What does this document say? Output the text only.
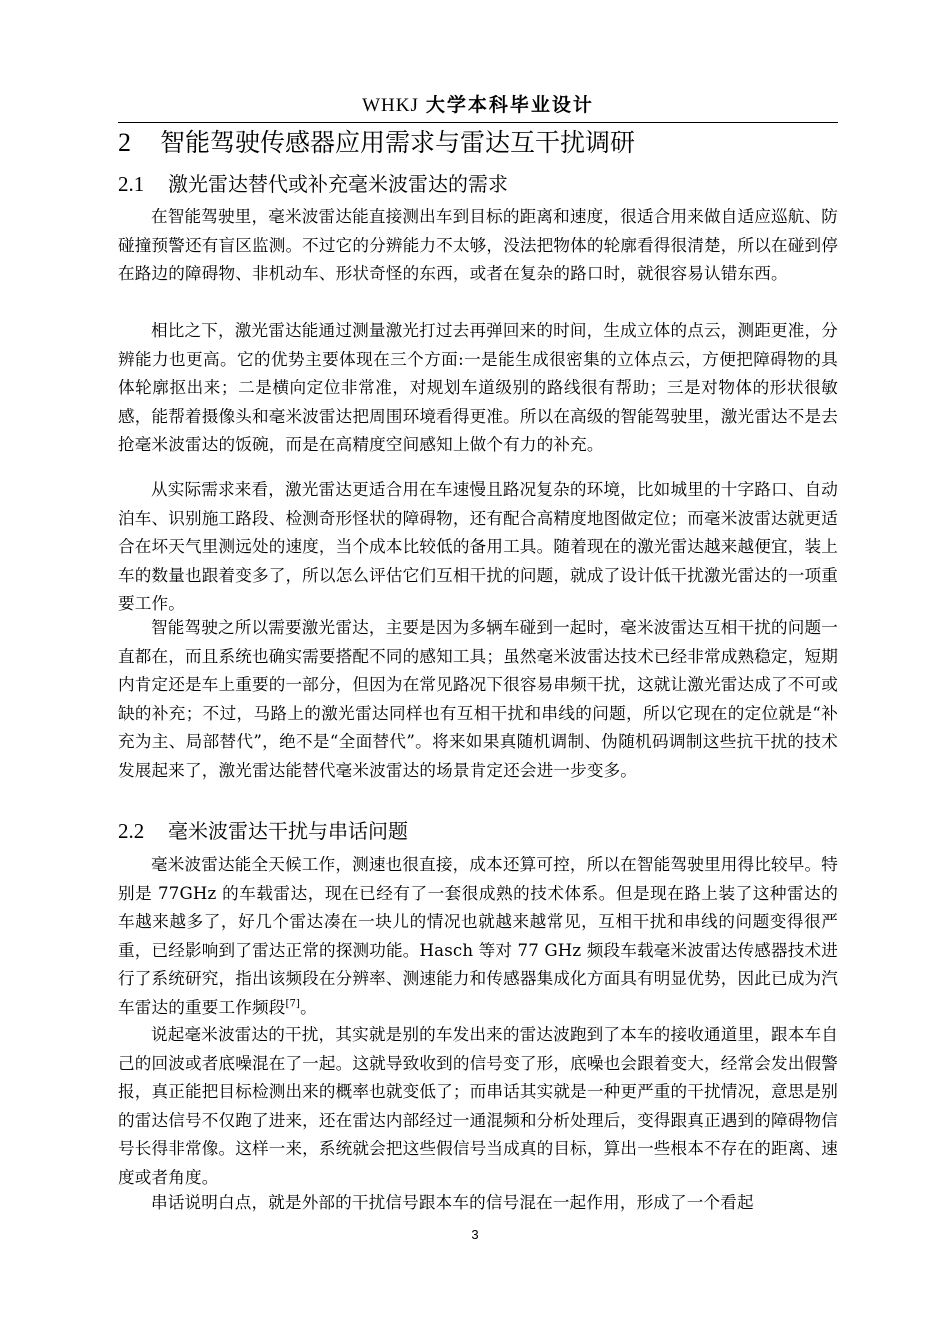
WHKJ 大学本科毕业设计
2 智能驾驶传感器应用需求与雷达互干扰调研
2.1 激光雷达替代或补充毫米波雷达的需求

在智能驾驶里，毫米波雷达能直接测出车到目标的距离和速度，很适合用来做自适应巡航、防碰撞预警还有盲区监测。不过它的分辨能力不太够，没法把物体的轮廓看得很清楚，所以在碰到停在路边的障碍物、非机动车、形状奇怪的东西，或者在复杂的路口时，就很容易认错东西。

相比之下，激光雷达能通过测量激光打过去再弹回来的时间，生成立体的点云，测距更准，分辨能力也更高。它的优势主要体现在三个方面:一是能生成很密集的立体点云，方便把障碍物的具体轮廓抠出来；二是横向定位非常准，对规划车道级别的路线很有帮助；三是对物体的形状很敏感，能帮着摄像头和毫米波雷达把周围环境看得更准。所以在高级的智能驾驶里，激光雷达不是去抢毫米波雷达的饭碗，而是在高精度空间感知上做个有力的补充。

从实际需求来看，激光雷达更适合用在车速慢且路况复杂的环境，比如城里的十字路口、自动泊车、识别施工路段、检测奇形怪状的障碍物，还有配合高精度地图做定位；而毫米波雷达就更适合在坏天气里测远处的速度，当个成本比较低的备用工具。随着现在的激光雷达越来越便宜，装上车的数量也跟着变多了，所以怎么评估它们互相干扰的问题，就成了设计低干扰激光雷达的一项重要工作。

智能驾驶之所以需要激光雷达，主要是因为多辆车碰到一起时，毫米波雷达互相干扰的问题一直都在，而且系统也确实需要搭配不同的感知工具；虽然毫米波雷达技术已经非常成熟稳定，短期内肯定还是车上重要的一部分，但因为在常见路况下很容易串频干扰，这就让激光雷达成了不可或缺的补充；不过，马路上的激光雷达同样也有互相干扰和串线的问题，所以它现在的定位就是“补充为主、局部替代”，绝不是“全面替代”。将来如果真随机调制、伪随机码调制这些抗干扰的技术发展起来了，激光雷达能替代毫米波雷达的场景肯定还会进一步变多。

2.2 毫米波雷达干扰与串话问题

毫米波雷达能全天候工作，测速也很直接，成本还算可控，所以在智能驾驶里用得比较早。特别是 77GHz 的车载雷达，现在已经有了一套很成熟的技术体系。但是现在路上装了这种雷达的车越来越多了，好几个雷达凑在一块儿的情况也就越来越常见，互相干扰和串线的问题变得很严重，已经影响到了雷达正常的探测功能。Hasch 等对 77 GHz 频段车载毫米波雷达传感器技术进行了系统研究，指出该频段在分辨率、测速能力和传感器集成化方面具有明显优势，因此已成为汽车雷达的重要工作频段[7]。

说起毫米波雷达的干扰，其实就是别的车发出来的雷达波跑到了本车的接收通道里，跟本车自己的回波或者底噪混在了一起。这就导致收到的信号变了形，底噪也会跟着变大，经常会发出假警报，真正能把目标检测出来的概率也就变低了；而串话其实就是一种更严重的干扰情况，意思是别的雷达信号不仅跑了进来，还在雷达内部经过一通混频和分析处理后，变得跟真正遇到的障碍物信号长得非常像。这样一来，系统就会把这些假信号当成真的目标，算出一些根本不存在的距离、速度或者角度。

串话说明白点，就是外部的干扰信号跟本车的信号混在一起作用，形成了一个看起

3
